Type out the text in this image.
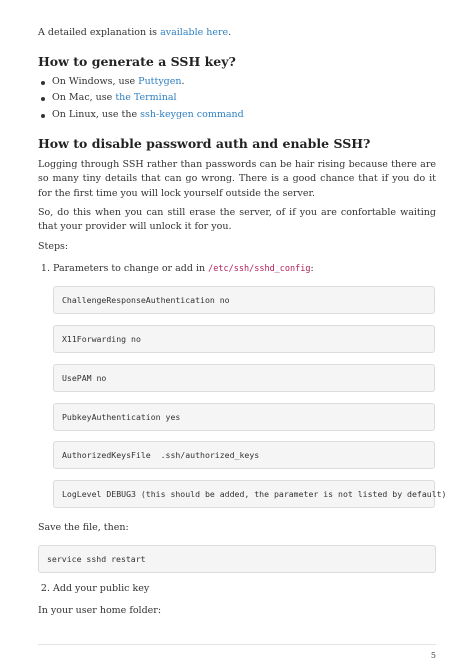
A detailed explanation is available here.

How to generate a SSH key?
On Windows, use Puttygen.
On Mac, use the Terminal
On Linux, use the ssh-keygen command
How to disable password auth and enable SSH?

Logging through SSH rather than passwords can be hair rising because there are so many tiny details that can go wrong. There is a good chance that if you do it for the first time you will lock yourself outside the server.

So, do this when you can still erase the server, of if you are confortable waiting that your provider will unlock it for you.

Steps:

1. Parameters to change or add in /etc/ssh/sshd_config:
ChallengeResponseAuthentication no
X11Forwarding no
UsePAM no
PubkeyAuthentication yes
AuthorizedKeysFile  .ssh/authorized_keys
LogLevel DEBUG3 (this should be added, the parameter is not listed by default)

Save the file, then:

service sshd restart
2. Add your public key

In your user home folder:

5
